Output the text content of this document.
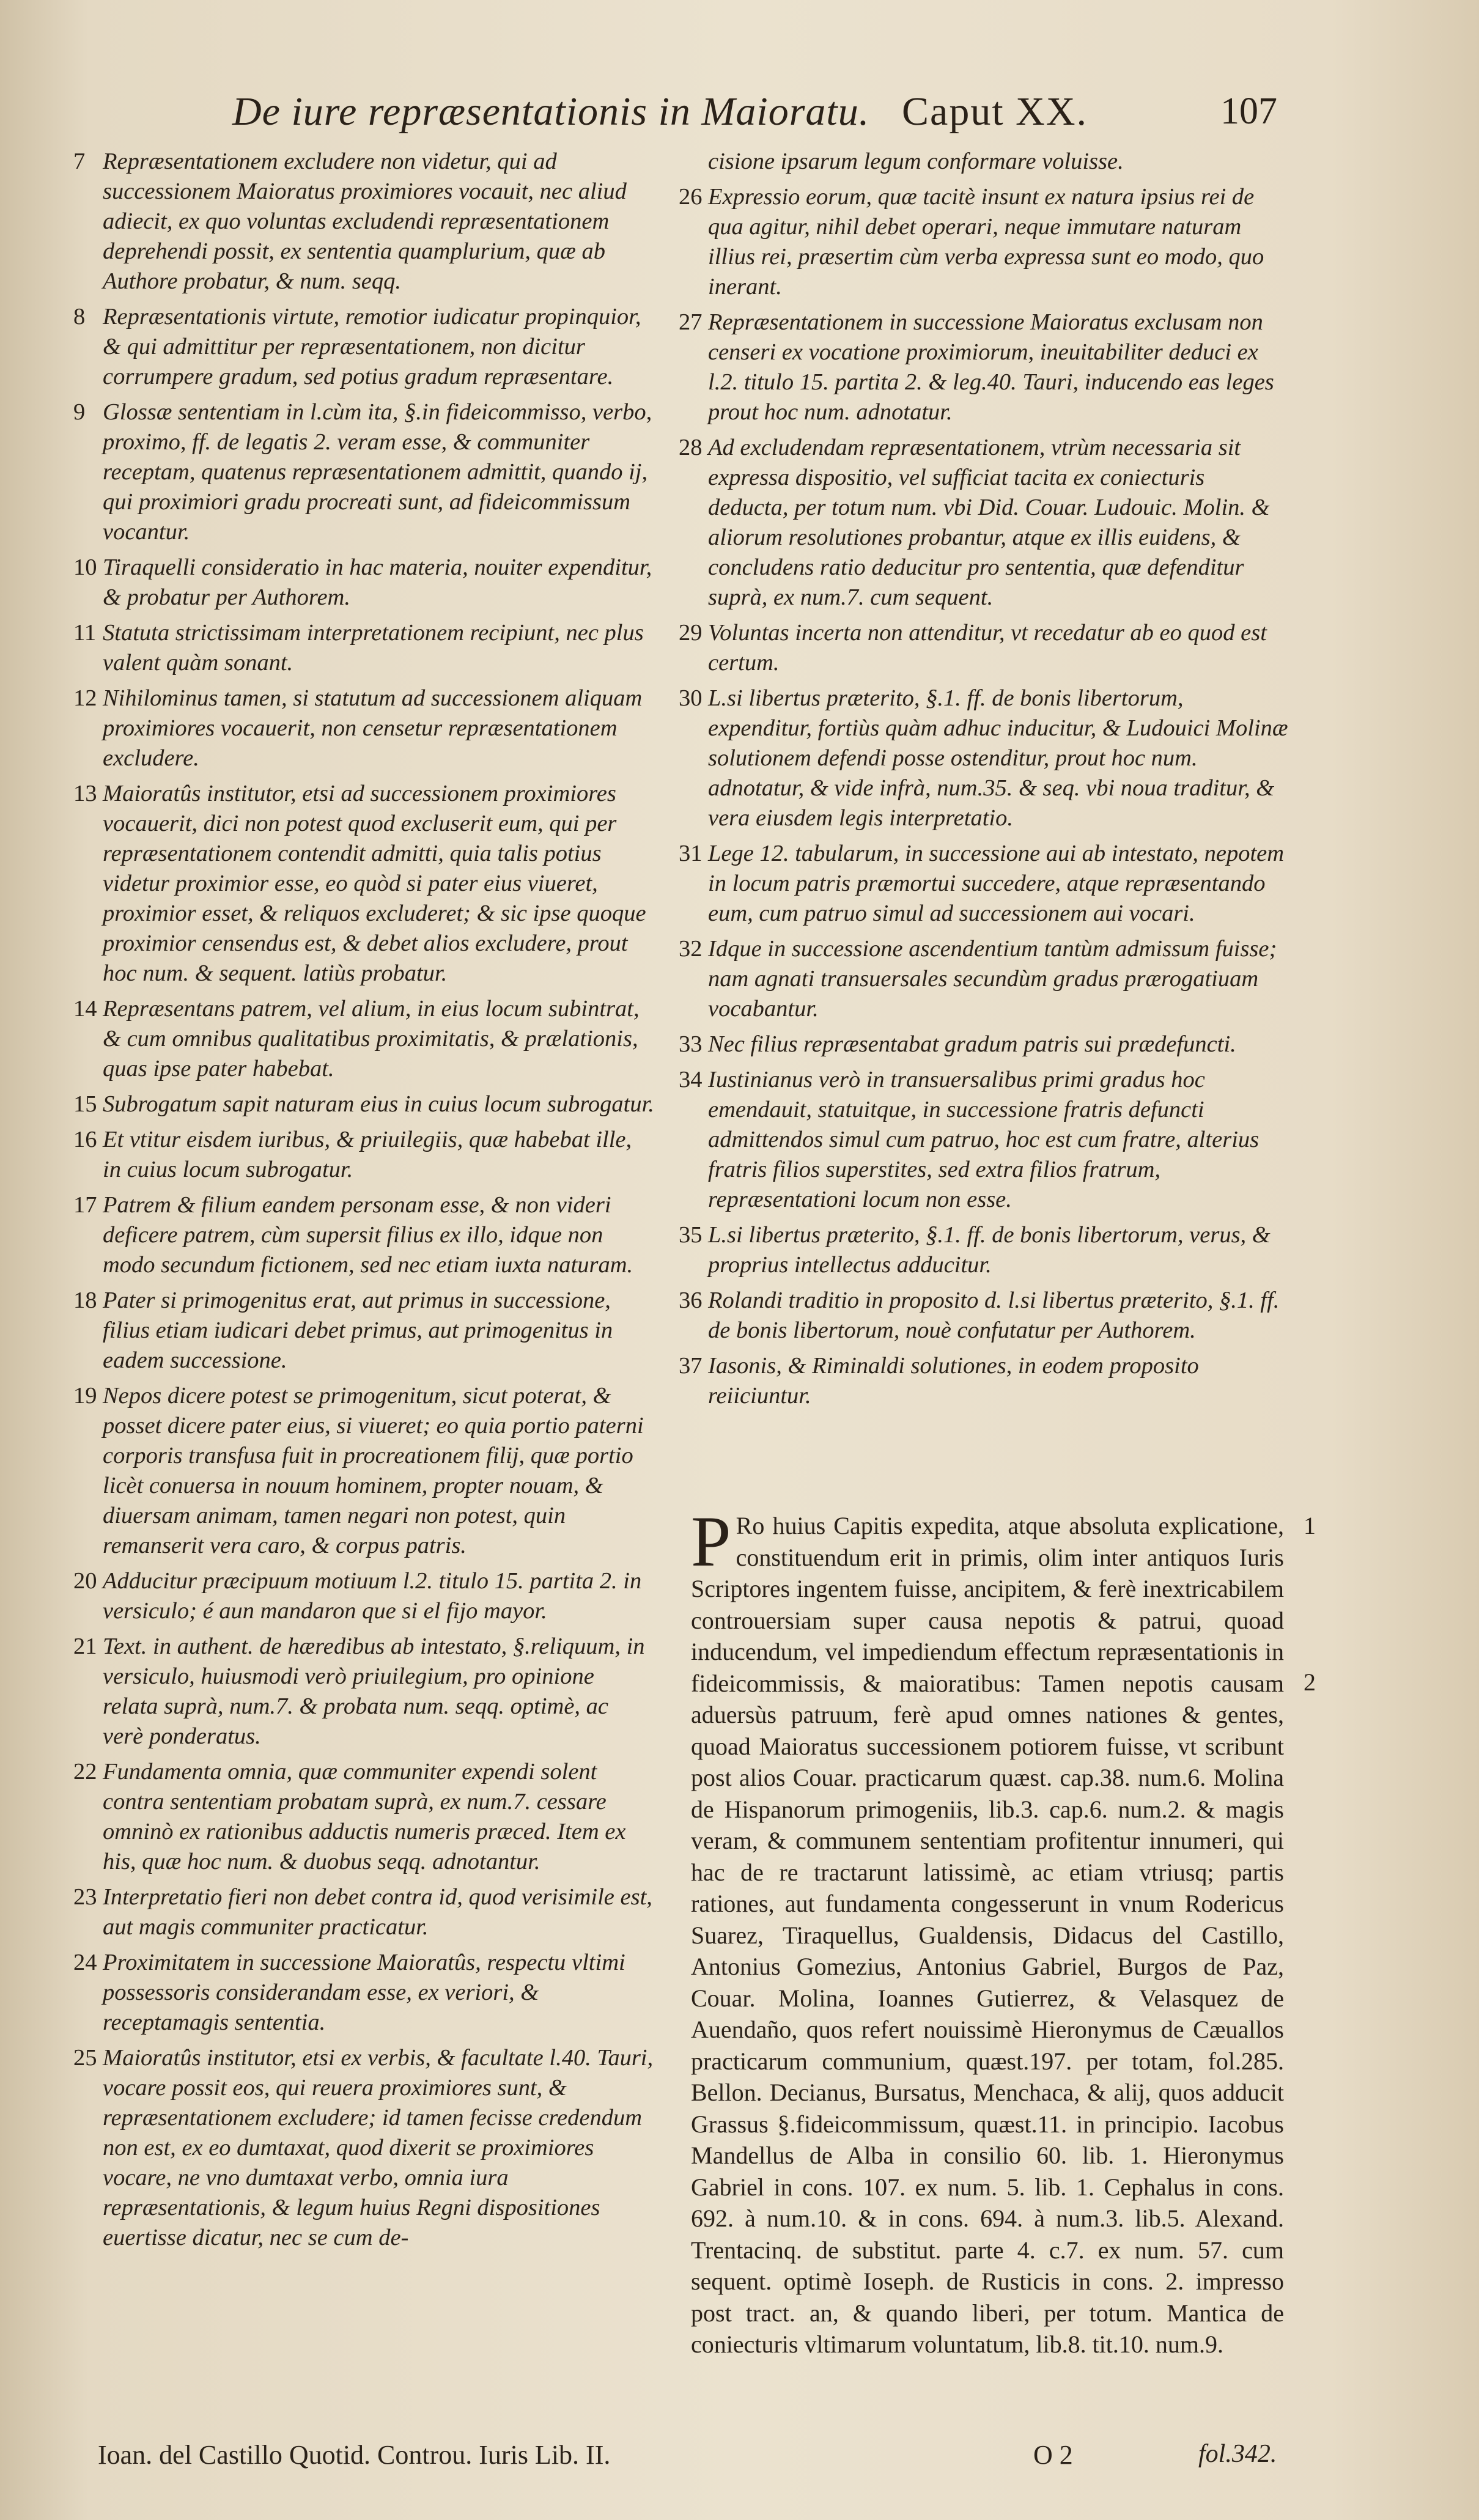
De iure repræsentationis in Maioratu. Caput XX.	107
7 Repræsentationem excludere non videtur, qui ad successionem Maioratus proximiores vocauit, nec aliud adiecit, ex quo voluntas excludendi repræsentationem deprehendi possit, ex sententia quamplurium, quæ ab Authore probatur, & num. seqq.
8 Repræsentationis virtute, remotior iudicatur propinquior, & qui admittitur per repræsentationem, non dicitur corrumpere gradum, sed potius gradum repræsentare.
9 Glossæ sententiam in l.cùm ita, §.in fideicommisso, verbo, proximo, ff. de legatis 2. veram esse, & communiter receptam, quatenus repræsentationem admittit, quando ij, qui proximiori gradu procreati sunt, ad fideicommissum vocantur.
10 Tiraquelli consideratio in hac materia, nouiter expenditur, & probatur per Authorem.
11 Statuta strictissimam interpretationem recipiunt, nec plus valent quàm sonant.
12 Nihilominus tamen, si statutum ad successionem aliquam proximiores vocauerit, non censetur repræsentationem excludere.
13 Maioratûs institutor, etsi ad successionem proximiores vocauerit, dici non potest quod excluserit eum, qui per repræsentationem contendit admitti, quia talis potius videtur proximior esse, eo quòd si pater eius viueret, proximior esset, & reliquos excluderet; & sic ipse quoque proximior censendus est, & debet alios excludere, prout hoc num. & sequent. latiùs probatur.
14 Repræsentans patrem, vel alium, in eius locum subintrat, & cum omnibus qualitatibus proximitatis, & prælationis, quas ipse pater habebat.
15 Subrogatum sapit naturam eius in cuius locum subrogatur.
16 Et vtitur eisdem iuribus, & priuilegiis, quæ habebat ille, in cuius locum subrogatur.
17 Patrem & filium eandem personam esse, & non videri deficere patrem, cùm supersit filius ex illo, idque non modo secundum fictionem, sed nec etiam iuxta naturam.
18 Pater si primogenitus erat, aut primus in successione, filius etiam iudicari debet primus, aut primogenitus in eadem successione.
19 Nepos dicere potest se primogenitum, sicut poterat, & posset dicere pater eius, si viueret; eo quia portio paterni corporis transfusa fuit in procreationem filij, quæ portio licèt conuersa in nouum hominem, propter nouam, & diuersam animam, tamen negari non potest, quin remanserit vera caro, & corpus patris.
20 Adducitur præcipuum motiuum l.2. titulo 15. partita 2. in versiculo; é aun mandaron que si el fijo mayor.
21 Text. in authent. de hæredibus ab intestato, §.reliquum, in versiculo, huiusmodi verò priuilegium, pro opinione relata suprà, num.7. & probata num. seqq. optimè, ac verè ponderatus.
22 Fundamenta omnia, quæ communiter expendi solent contra sententiam probatam suprà, ex num.7. cessare omninò ex rationibus adductis numeris præced. Item ex his, quæ hoc num. & duobus seqq. adnotantur.
23 Interpretatio fieri non debet contra id, quod verisimile est, aut magis communiter practicatur.
24 Proximitatem in successione Maioratûs, respectu vltimi possessoris considerandam esse, ex veriori, & receptamagis sententia.
25 Maioratûs institutor, etsi ex verbis, & facultate l.40. Tauri, vocare possit eos, qui reuera proximiores sunt, & repræsentationem excludere; id tamen fecisse credendum non est, ex eo dumtaxat, quod dixerit se proximiores vocare, ne vno dumtaxat verbo, omnia iura repræsentationis, & legum huius Regni dispositiones euertisse dicatur, nec se cum de-
cisione ipsarum legum conformare voluisse.
26 Expressio eorum, quæ tacitè insunt ex natura ipsius rei de qua agitur, nihil debet operari, neque immutare naturam illius rei, præsertim cùm verba expressa sunt eo modo, quo inerant.
27 Repræsentationem in successione Maioratus exclusam non censeri ex vocatione proximiorum, ineuitabiliter deduci ex l.2. titulo 15. partita 2. & leg.40. Tauri, inducendo eas leges prout hoc num. adnotatur.
28 Ad excludendam repræsentationem, vtrùm necessaria sit expressa dispositio, vel sufficiat tacita ex coniecturis deducta, per totum num. vbi Did. Couar. Ludouic. Molin. & aliorum resolutiones probantur, atque ex illis euidens, & concludens ratio deducitur pro sententia, quæ defenditur suprà, ex num.7. cum sequent.
29 Voluntas incerta non attenditur, vt recedatur ab eo quod est certum.
30 L.si libertus præterito, §.1. ff. de bonis libertorum, expenditur, fortiùs quàm adhuc inducitur, & Ludouici Molinæ solutionem defendi posse ostenditur, prout hoc num. adnotatur, & vide infrà, num.35. & seq. vbi noua traditur, & vera eiusdem legis interpretatio.
31 Lege 12. tabularum, in successione aui ab intestato, nepotem in locum patris præmortui succedere, atque repræsentando eum, cum patruo simul ad successionem aui vocari.
32 Idque in successione ascendentium tantùm admissum fuisse; nam agnati transuersales secundùm gradus prærogatiuam vocabantur.
33 Nec filius repræsentabat gradum patris sui prædefuncti.
34 Iustinianus verò in transuersalibus primi gradus hoc emendauit, statuitque, in successione fratris defuncti admittendos simul cum patruo, hoc est cum fratre, alterius fratris filios superstites, sed extra filios fratrum, repræsentationi locum non esse.
35 L.si libertus præterito, §.1. ff. de bonis libertorum, verus, & proprius intellectus adducitur.
36 Rolandi traditio in proposito d. l.si libertus præterito, §.1. ff. de bonis libertorum, nouè confutatur per Authorem.
37 Iasonis, & Riminaldi solutiones, in eodem proposito reiiciuntur.

P Ro huius Capitis expedita, atque absoluta explicatione, constituendum erit in primis, olim inter antiquos Iuris Scriptores ingentem fuisse, ancipitem, & ferè inextricabilem controuersiam super causa nepotis & patrui, quoad inducendum, vel impediendum effectum repræsentationis in fideicommissis, & maioratibus: Tamen nepotis causam aduersùs patruum, ferè apud omnes nationes & gentes, quoad Maioratus successionem potiorem fuisse, vt scribunt post alios Couar. practicarum quæst. cap.38. num.6. Molina de Hispanorum primogeniis, lib.3. cap.6. num.2. & magis veram, & communem sententiam profitentur innumeri, qui hac de re tractarunt latissimè, ac etiam vtriusq; partis rationes, aut fundamenta congesserunt in vnum Rodericus Suarez, Tiraquellus, Gualdensis, Didacus del Castillo, Antonius Gomezius, Antonius Gabriel, Burgos de Paz, Couar. Molina, Ioannes Gutierrez, & Velasquez de Auendaño, quos refert nouissimè Hieronymus de Cæuallos practicarum communium, quæst.197. per totam, fol.285. Bellon. Decianus, Bursatus, Menchaca, & alij, quos adducit Grassus §.fideicommissum, quæst.11. in principio. Iacobus Mandellus de Alba in consilio 60. lib. 1. Hieronymus Gabriel in cons. 107. ex num. 5. lib. 1. Cephalus in cons. 692. à num.10. & in cons. 694. à num.3. lib.5. Alexand. Trentacinq. de substitut. parte 4. c.7. ex num. 57. cum sequent. optimè Ioseph. de Rusticis in cons. 2. impresso post tract. an, & quando liberi, per totum. Mantica de coniecturis vltimarum voluntatum, lib.8. tit.10. num.9.

1
2
Ioan. del Castillo Quotid. Controu. Iuris Lib. II.	O 2	fol.342.
